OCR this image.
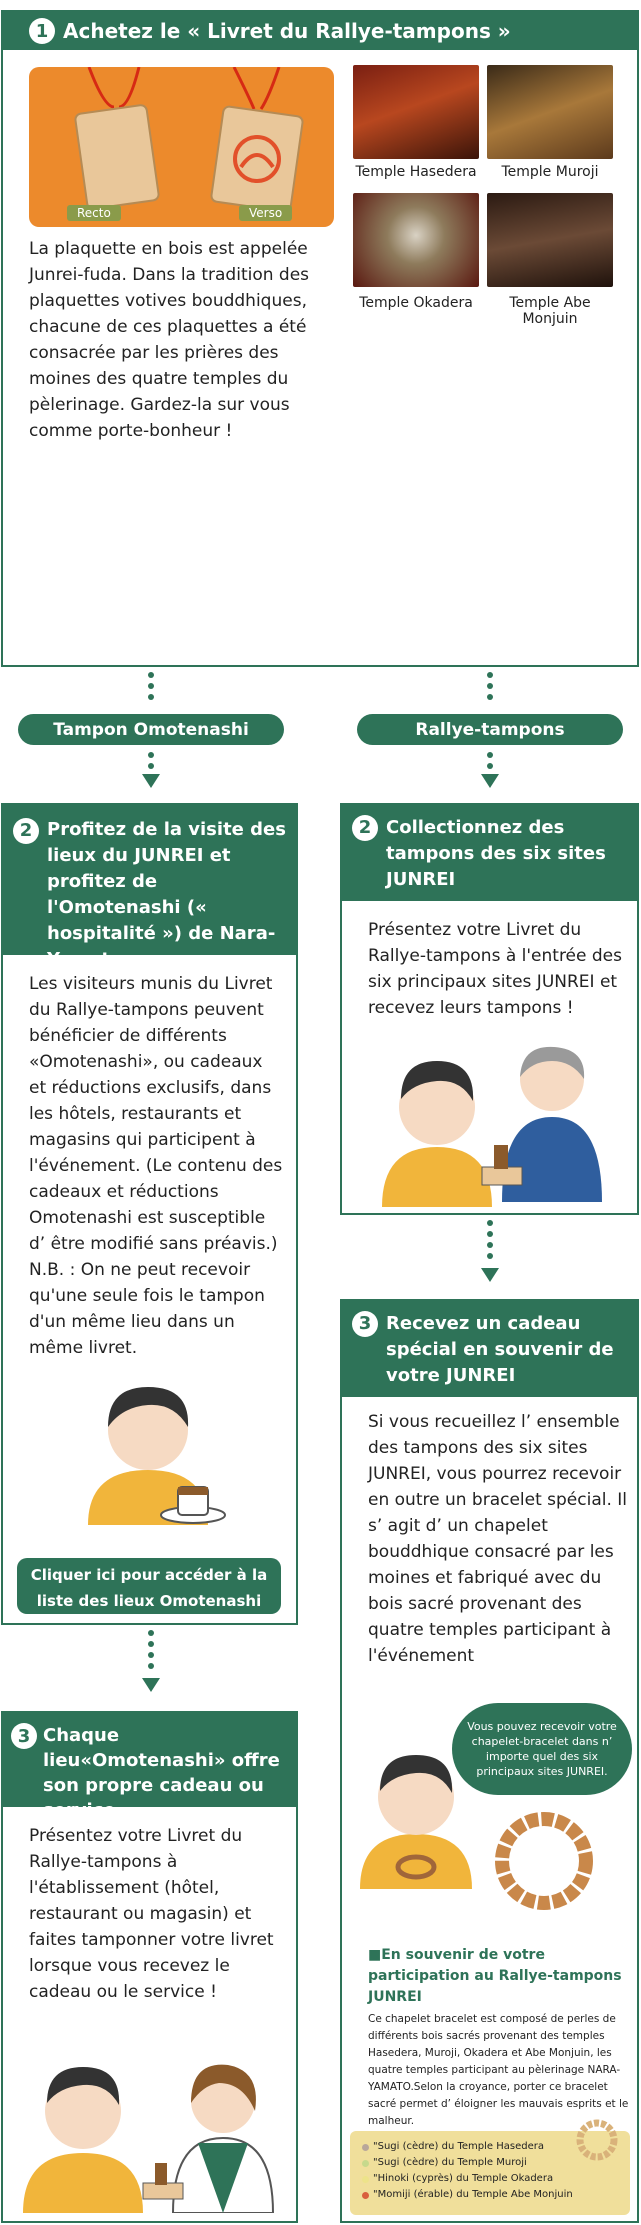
1 Achetez le « Livret du Rallye-tampons »
Recto	Verso
Temple Hasedera	Temple Muroji
Temple Okadera	Temple Abe Monjuin
La plaquette en bois est appelée Junrei-fuda. Dans la tradition des plaquettes votives bouddhiques, chacune de ces plaquettes a été consacrée par les prières des moines des quatre temples du pèlerinage. Gardez-la sur vous comme porte-bonheur !
Tampon Omotenashi	Rallye-tampons
2 Profitez de la visite des lieux du JUNREI et profitez de l'Omotenashi (« hospitalité ») de Nara-Yamato
Les visiteurs munis du Livret du Rallye-tampons peuvent bénéficier de différents «Omotenashi», ou cadeaux et réductions exclusifs, dans les hôtels, restaurants et magasins qui participent à l'événement. (Le contenu des cadeaux et réductions Omotenashi est susceptible d’ être modifié sans préavis.) N.B. : On ne peut recevoir qu'une seule fois le tampon d'un même lieu dans un même livret.
Cliquer ici pour accéder à la liste des lieux Omotenashi
3 Chaque lieu«Omotenashi» offre son propre cadeau ou service
Présentez votre Livret du Rallye-tampons à l'établissement (hôtel, restaurant ou magasin) et faites tamponner votre livret lorsque vous recevez le cadeau ou le service !
2 Collectionnez des tampons des six sites JUNREI
Présentez votre Livret du Rallye-tampons à l'entrée des six principaux sites JUNREI et recevez leurs tampons !
3 Recevez un cadeau spécial en souvenir de votre JUNREI
Si vous recueillez l’ ensemble des tampons des six sites JUNREI, vous pourrez recevoir en outre un bracelet spécial. Il s’ agit d’ un chapelet bouddhique consacré par les moines et fabriqué avec du bois sacré provenant des quatre temples participant à l'événement
Vous pouvez recevoir votre chapelet-bracelet dans n’ importe quel des six principaux sites JUNREI.
■En souvenir de votre participation au Rallye-tampons JUNREI
Ce chapelet bracelet est composé de perles de différents bois sacrés provenant des temples Hasedera, Muroji, Okadera et Abe Monjuin, les quatre temples participant au pèlerinage NARA-YAMATO.Selon la croyance, porter ce bracelet sacré permet d’ éloigner les mauvais esprits et le malheur.
"Sugi (cèdre) du Temple Hasedera
"Sugi (cèdre) du Temple Muroji
"Hinoki (cyprès) du Temple Okadera
"Momiji (érable) du Temple Abe Monjuin
